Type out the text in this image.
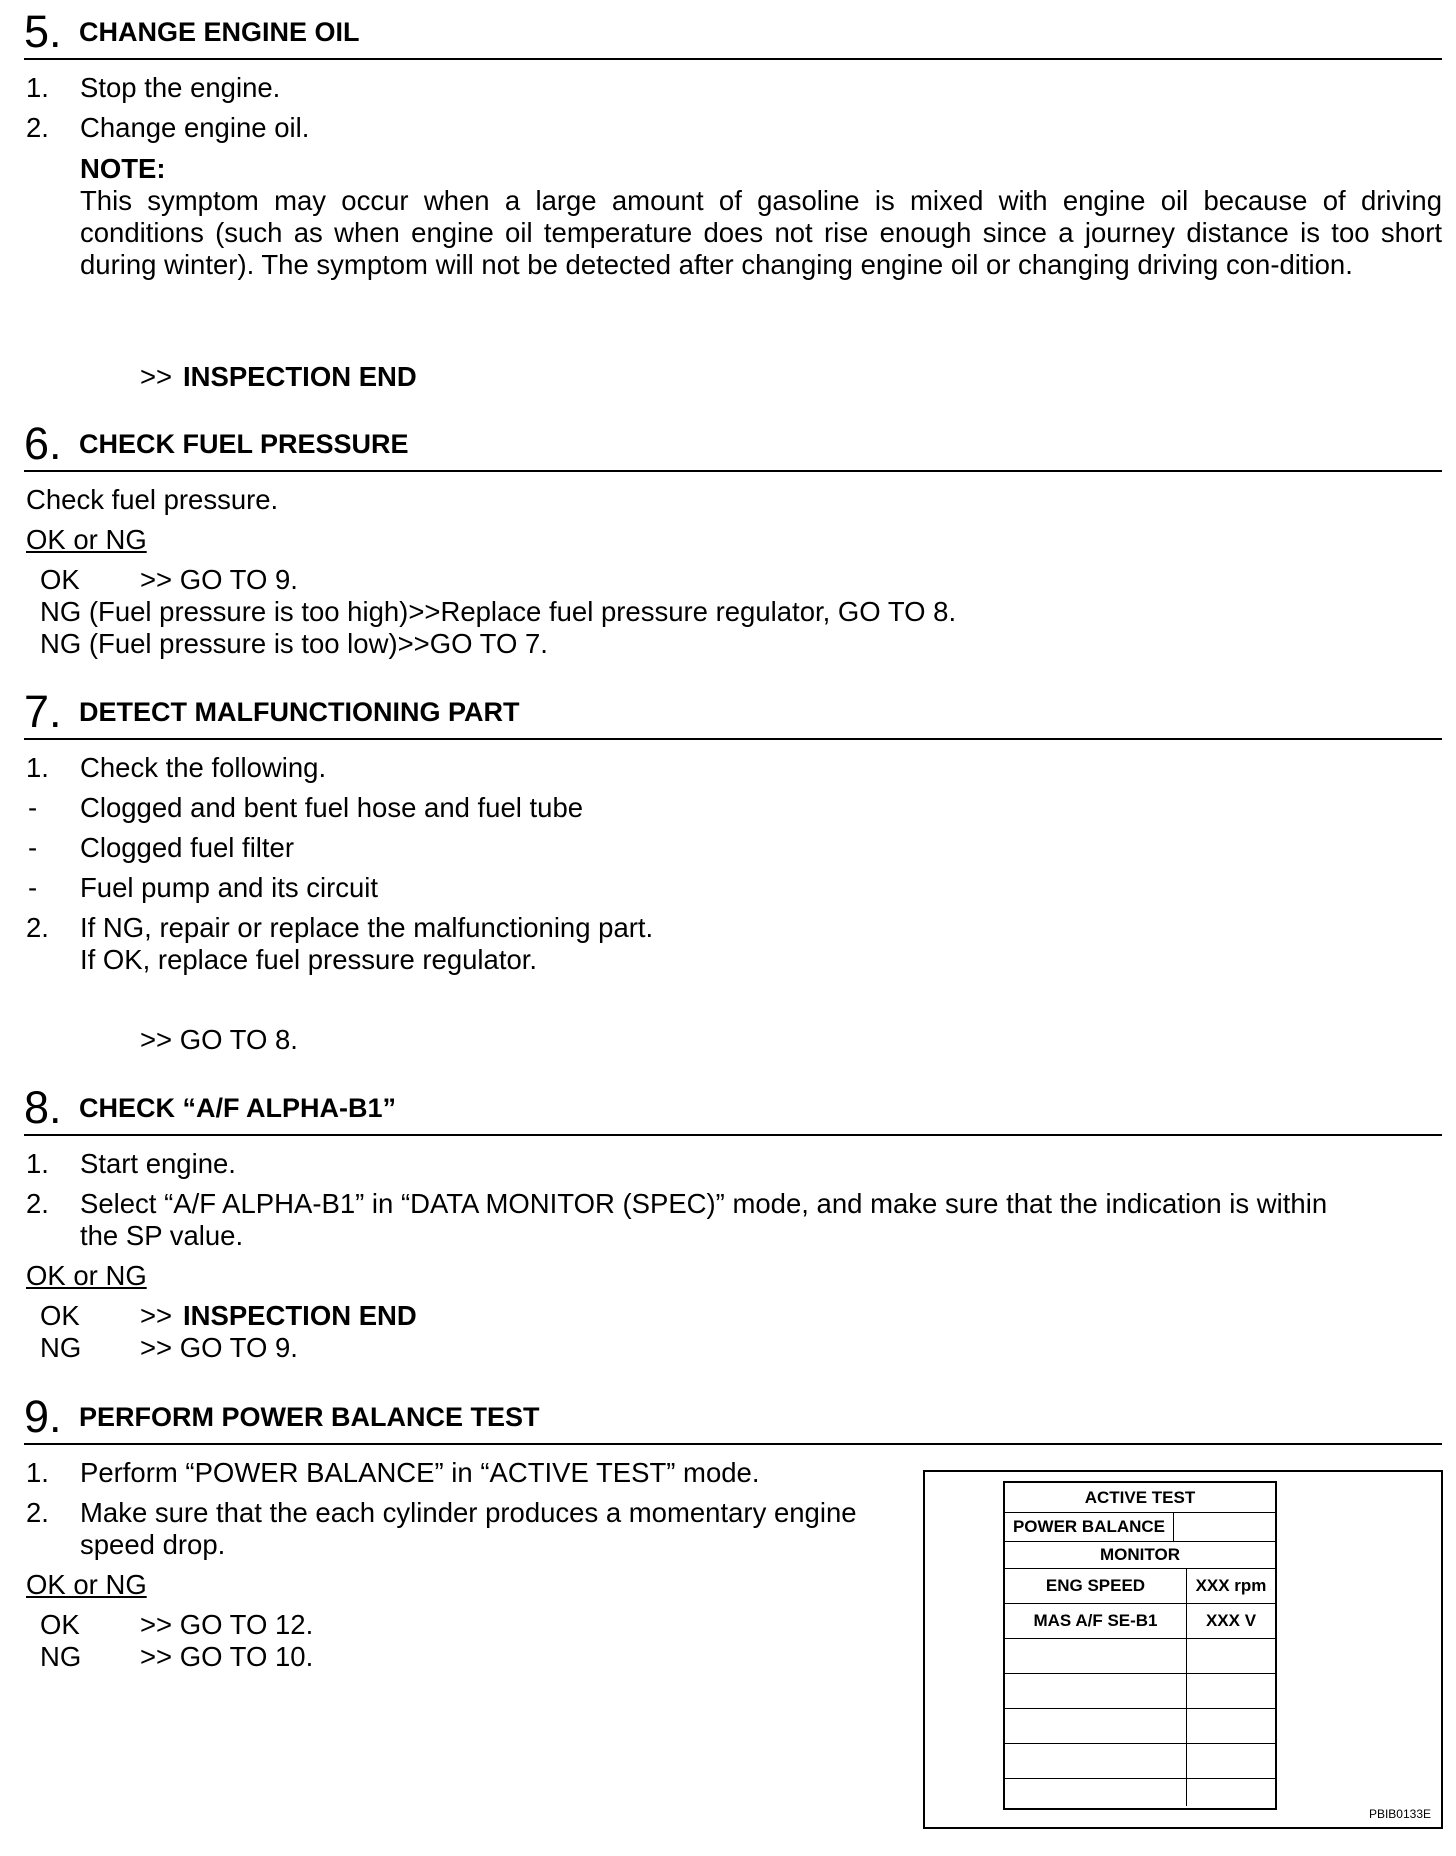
5. CHANGE ENGINE OIL
1. Stop the engine.
2. Change engine oil.
NOTE:
This symptom may occur when a large amount of gasoline is mixed with engine oil because of driving conditions (such as when engine oil temperature does not rise enough since a journey distance is too short during winter). The symptom will not be detected after changing engine oil or changing driving con-dition.
>> INSPECTION END
6. CHECK FUEL PRESSURE
Check fuel pressure.
OK or NG
OK >> GO TO 9.
NG (Fuel pressure is too high)>>Replace fuel pressure regulator, GO TO 8.
NG (Fuel pressure is too low)>>GO TO 7.
7. DETECT MALFUNCTIONING PART
1. Check the following.
- Clogged and bent fuel hose and fuel tube
- Clogged fuel filter
- Fuel pump and its circuit
2. If NG, repair or replace the malfunctioning part.
If OK, replace fuel pressure regulator.
>> GO TO 8.
8. CHECK “A/F ALPHA-B1”
1. Start engine.
2. Select “A/F ALPHA-B1” in “DATA MONITOR (SPEC)” mode, and make sure that the indication is within
the SP value.
OK or NG
OK >> INSPECTION END
NG >> GO TO 9.
9. PERFORM POWER BALANCE TEST
1. Perform “POWER BALANCE” in “ACTIVE TEST” mode.
2. Make sure that the each cylinder produces a momentary engine
speed drop.
OK or NG
OK >> GO TO 12.
NG >> GO TO 10.
ACTIVE TEST
POWER BALANCE
MONITOR
ENG SPEED	XXX rpm
MAS A/F SE-B1	XXX V
PBIB0133E
